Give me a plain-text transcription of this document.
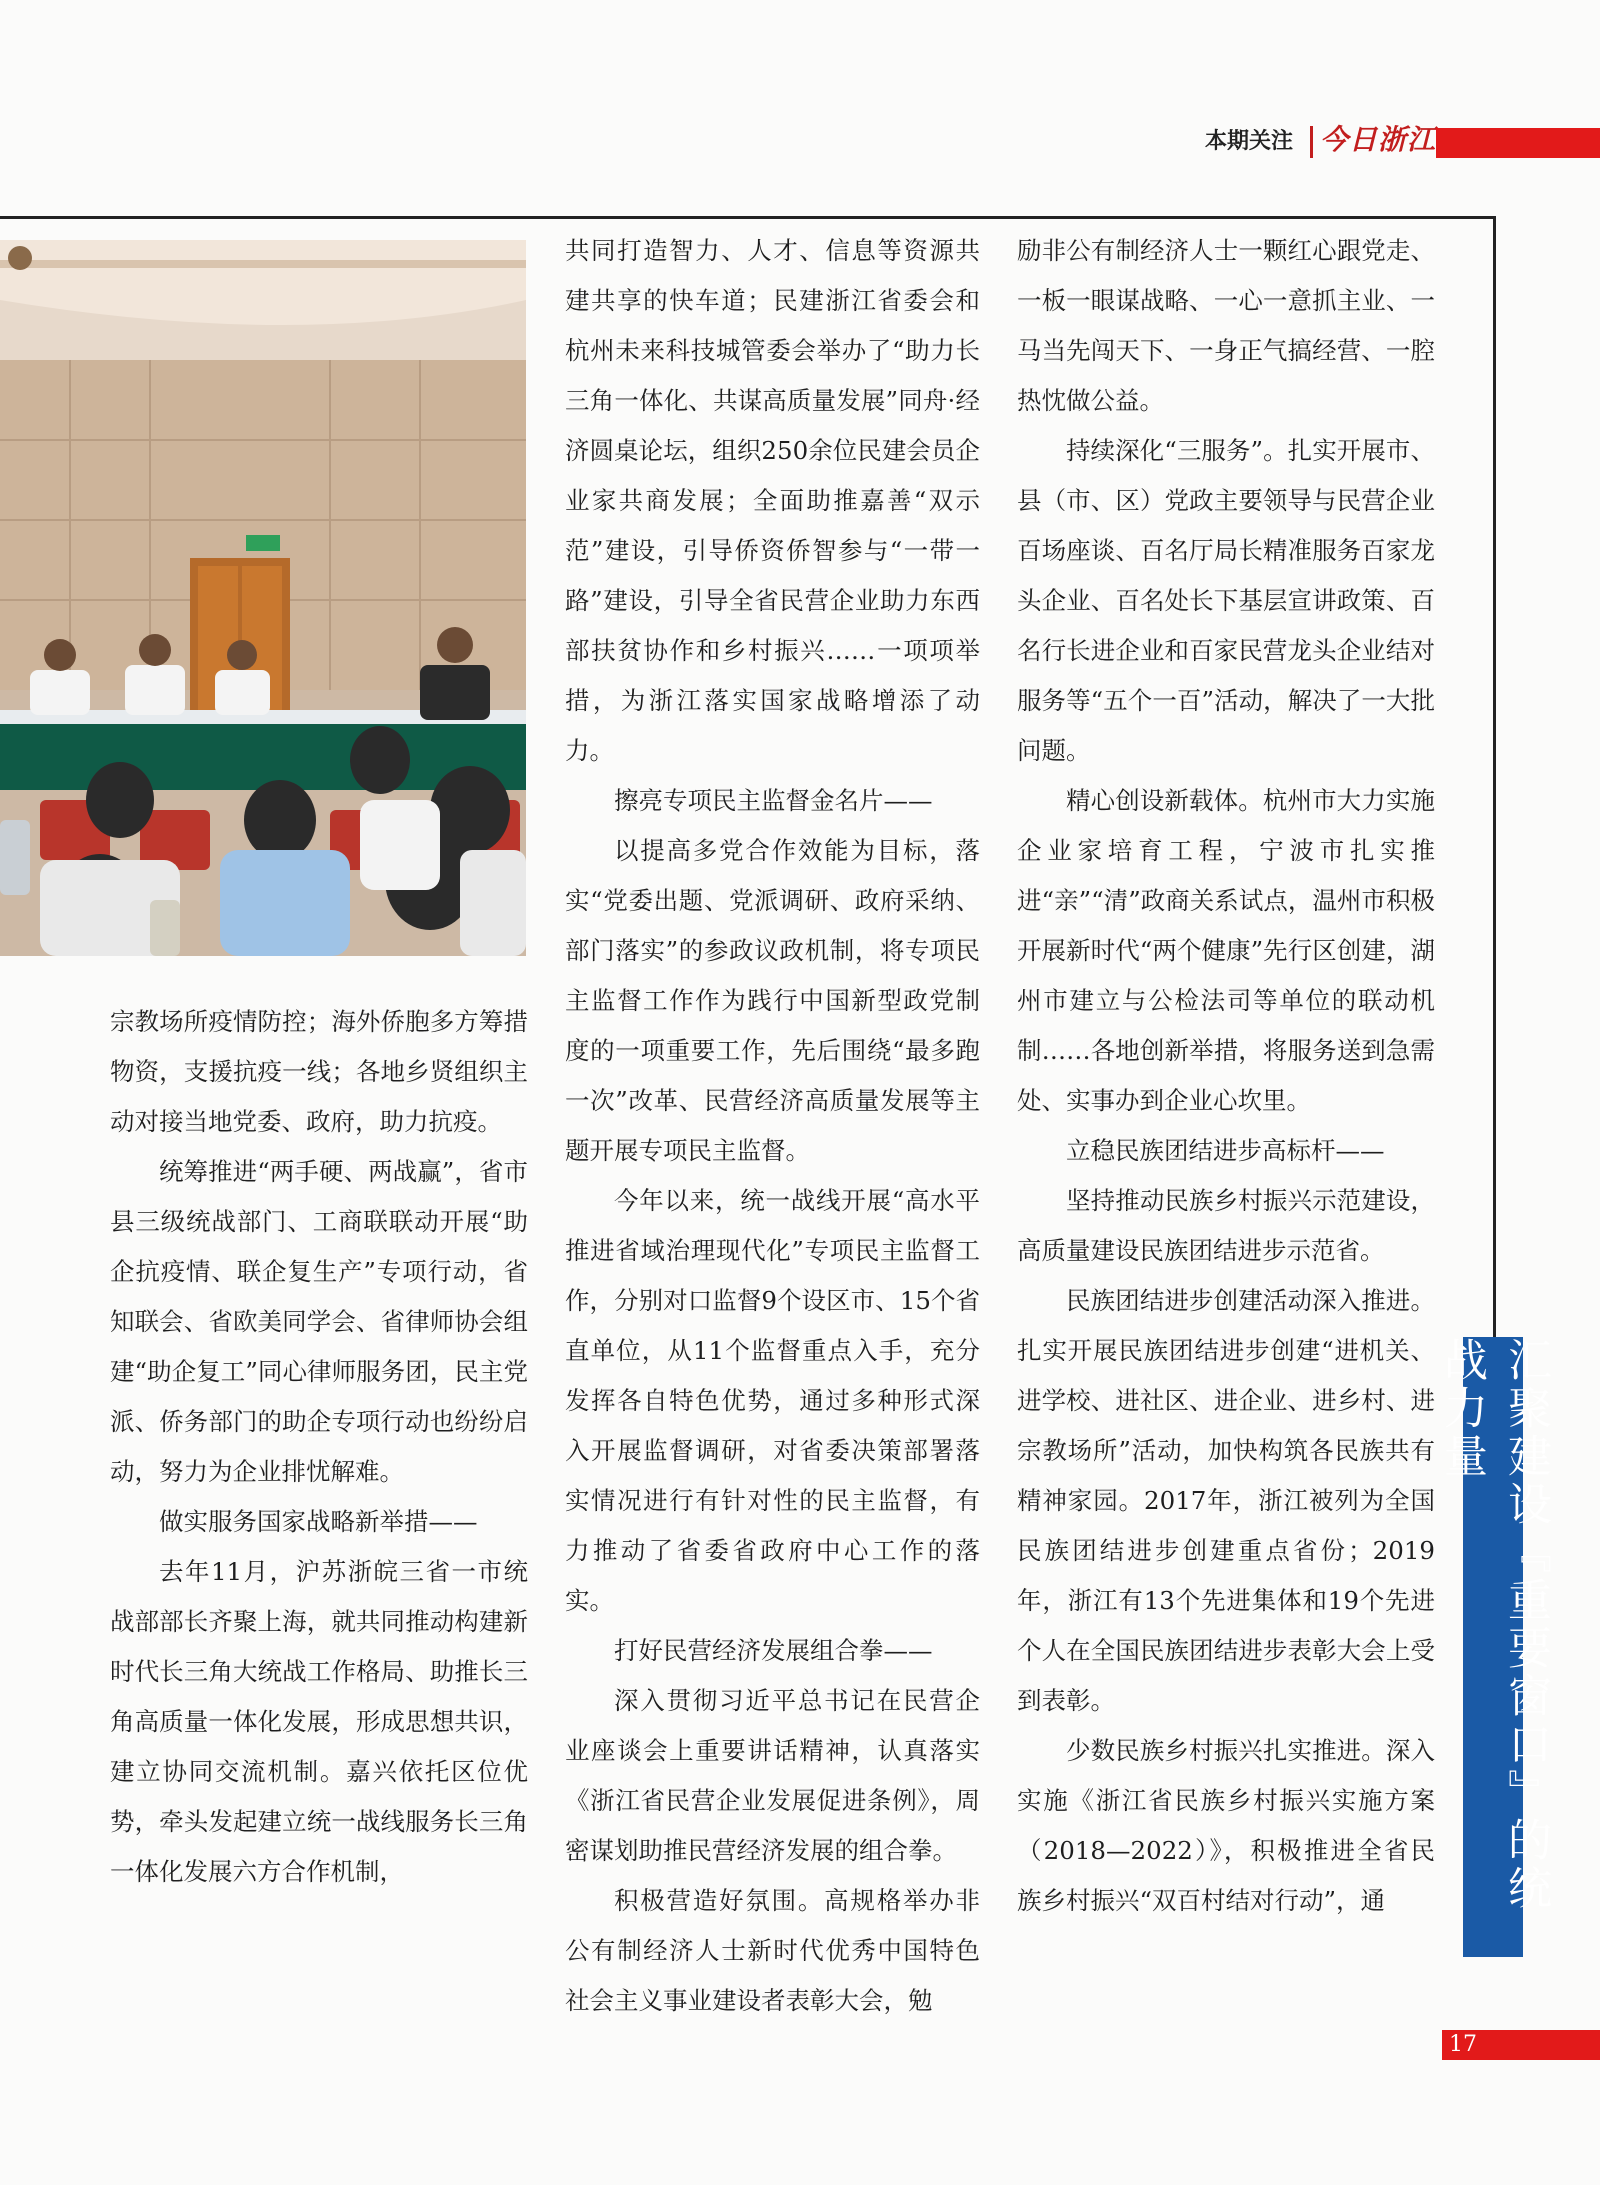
本期关注 今日浙江

宗教场所疫情防控；海外侨胞多方筹措物资，支援抗疫一线；各地乡贤组织主动对接当地党委、政府，助力抗疫。

统筹推进“两手硬、两战赢”，省市县三级统战部门、工商联联动开展“助企抗疫情、联企复生产”专项行动，省知联会、省欧美同学会、省律师协会组建“助企复工”同心律师服务团，民主党派、侨务部门的助企专项行动也纷纷启动，努力为企业排忧解难。

做实服务国家战略新举措——

去年11月，沪苏浙皖三省一市统战部部长齐聚上海，就共同推动构建新时代长三角大统战工作格局、助推长三角高质量一体化发展，形成思想共识，建立协同交流机制。嘉兴依托区位优势，牵头发起建立统一战线服务长三角一体化发展六方合作机制，

共同打造智力、人才、信息等资源共建共享的快车道；民建浙江省委会和杭州未来科技城管委会举办了“助力长三角一体化、共谋高质量发展”同舟·经济圆桌论坛，组织250余位民建会员企业家共商发展；全面助推嘉善“双示范”建设，引导侨资侨智参与“一带一路”建设，引导全省民营企业助力东西部扶贫协作和乡村振兴……一项项举措，为浙江落实国家战略增添了动力。

擦亮专项民主监督金名片——

以提高多党合作效能为目标，落实“党委出题、党派调研、政府采纳、部门落实”的参政议政机制，将专项民主监督工作作为践行中国新型政党制度的一项重要工作，先后围绕“最多跑一次”改革、民营经济高质量发展等主题开展专项民主监督。

今年以来，统一战线开展“高水平推进省域治理现代化”专项民主监督工作，分别对口监督9个设区市、15个省直单位，从11个监督重点入手，充分发挥各自特色优势，通过多种形式深入开展监督调研，对省委决策部署落实情况进行有针对性的民主监督，有力推动了省委省政府中心工作的落实。

打好民营经济发展组合拳——

深入贯彻习近平总书记在民营企业座谈会上重要讲话精神，认真落实《浙江省民营企业发展促进条例》，周密谋划助推民营经济发展的组合拳。

积极营造好氛围。高规格举办非公有制经济人士新时代优秀中国特色社会主义事业建设者表彰大会，勉

励非公有制经济人士一颗红心跟党走、一板一眼谋战略、一心一意抓主业、一马当先闯天下、一身正气搞经营、一腔热忱做公益。

持续深化“三服务”。扎实开展市、县（市、区）党政主要领导与民营企业百场座谈、百名厅局长精准服务百家龙头企业、百名处长下基层宣讲政策、百名行长进企业和百家民营龙头企业结对服务等“五个一百”活动，解决了一大批问题。

精心创设新载体。杭州市大力实施企业家培育工程，宁波市扎实推进“亲”“清”政商关系试点，温州市积极开展新时代“两个健康”先行区创建，湖州市建立与公检法司等单位的联动机制……各地创新举措，将服务送到急需处、实事办到企业心坎里。

立稳民族团结进步高标杆——

坚持推动民族乡村振兴示范建设，高质量建设民族团结进步示范省。

民族团结进步创建活动深入推进。扎实开展民族团结进步创建“进机关、进学校、进社区、进企业、进乡村、进宗教场所”活动，加快构筑各民族共有精神家园。2017年，浙江被列为全国民族团结进步创建重点省份；2019年，浙江有13个先进集体和19个先进个人在全国民族团结进步表彰大会上受到表彰。

少数民族乡村振兴扎实推进。深入实施《浙江省民族乡村振兴实施方案（2018—2022）》，积极推进全省民族乡村振兴“双百村结对行动”，通	汇聚建设『重要窗口』的统战力量
17
